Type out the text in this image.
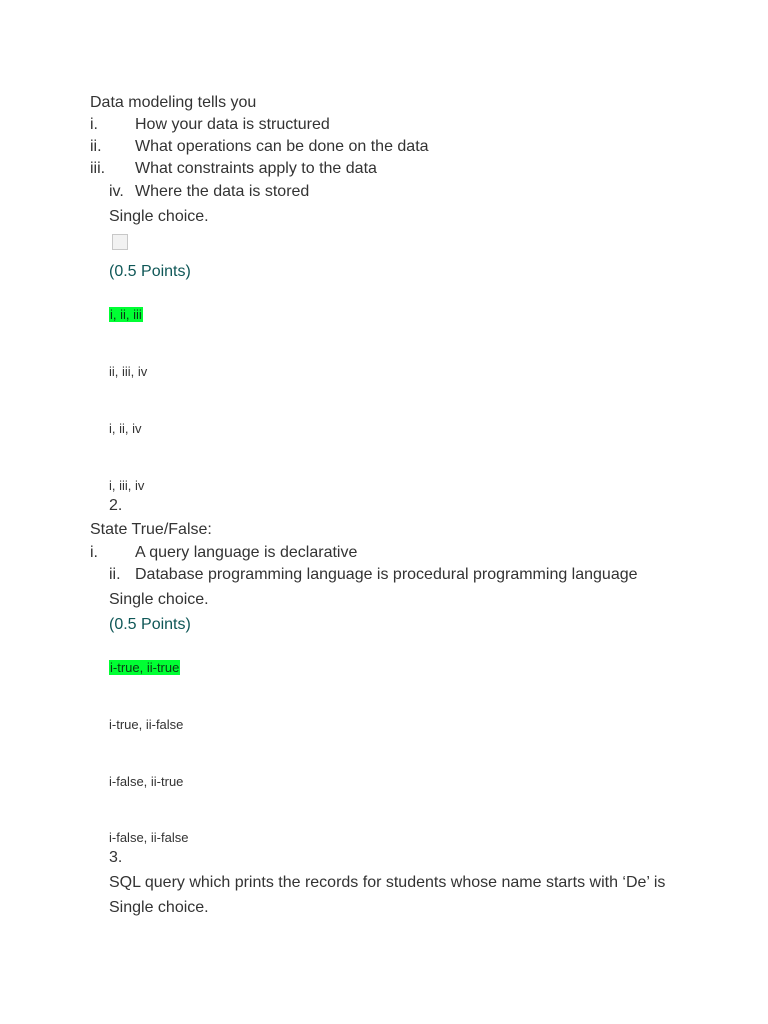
Data modeling tells you
i. How your data is structured
ii. What operations can be done on the data
iii. What constraints apply to the data
iv. Where the data is stored
Single choice.
(0.5 Points)
i, ii, iii
ii, iii, iv
i, ii, iv
i, iii, iv
2.
State True/False:
i. A query language is declarative
ii. Database programming language is procedural programming language
Single choice.
(0.5 Points)
i-true, ii-true
i-true, ii-false
i-false, ii-true
i-false, ii-false
3.
SQL query which prints the records for students whose name starts with ‘De’ is
Single choice.
